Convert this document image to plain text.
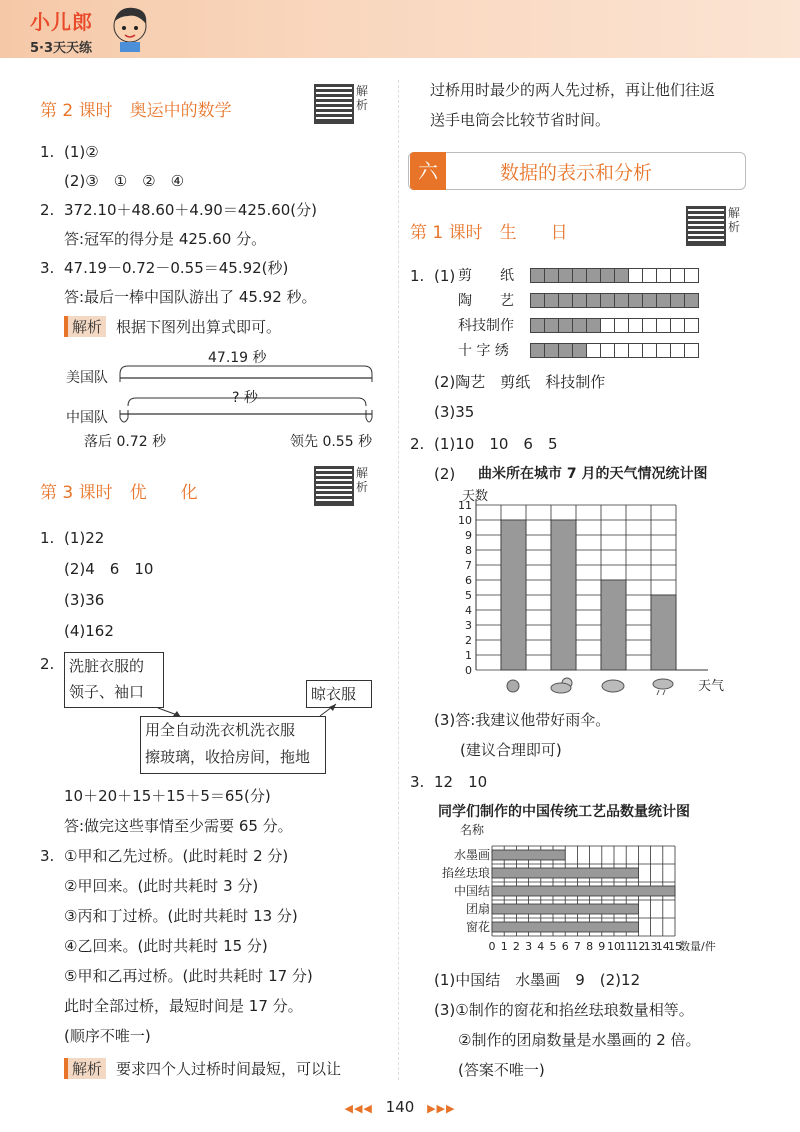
小儿郎
5·3天天练
第 2 课时　奥运中的数学
解析
1. (1)②
(2)③　①　②　④
2. 372.10＋48.60＋4.90＝425.60(分)
答:冠军的得分是 425.60 分。
3. 47.19－0.72－0.55＝45.92(秒)
答:最后一棒中国队游出了 45.92 秒。
解析 根据下图列出算式即可。
47.19 秒
美国队
中国队
? 秒
落后 0.72 秒	领先 0.55 秒
第 3 课时　优　　化
解析
1. (1)22
(2)4　6　10
(3)36
(4)162
2. 洗脏衣服的
领子、袖口	晾衣服
用全自动洗衣机洗衣服
擦玻璃，收拾房间，拖地
10＋20＋15＋15＋5＝65(分)
答:做完这些事情至少需要 65 分。
3. ①甲和乙先过桥。(此时耗时 2 分)
②甲回来。(此时共耗时 3 分)
③丙和丁过桥。(此时共耗时 13 分)
④乙回来。(此时共耗时 15 分)
⑤甲和乙再过桥。(此时共耗时 17 分)
此时全部过桥，最短时间是 17 分。
(顺序不唯一)
解析 要求四个人过桥时间最短，可以让
过桥用时最少的两人先过桥，再让他们往返
送手电筒会比较节省时间。
六	数据的表示和分析
第 1 课时　生　　日
解析
1. (1) 剪　　纸
陶　　艺
科技制作
十 字 绣
(2)陶艺　剪纸　科技制作
(3)35
2. (1)10　10　6　5
(2) 曲米所在城市 7 月的天气情况统计图
天数
0
1
2
3
4
5
6
7
8
9
10
11
天气
(3)答:我建议他带好雨伞。
(建议合理即可)
3. 12　10
同学们制作的中国传统工艺品数量统计图
名称
0 1 2 3 4 5 6 7 8 9 10
11
12
13
14
15
水墨画
掐丝珐琅
中国结
团扇
窗花
数量/件
(1)中国结　水墨画　9　(2)12
(3)①制作的窗花和掐丝珐琅数量相等。
②制作的团扇数量是水墨画的 2 倍。
(答案不唯一)
◀◀◀ 140 ▶▶▶
